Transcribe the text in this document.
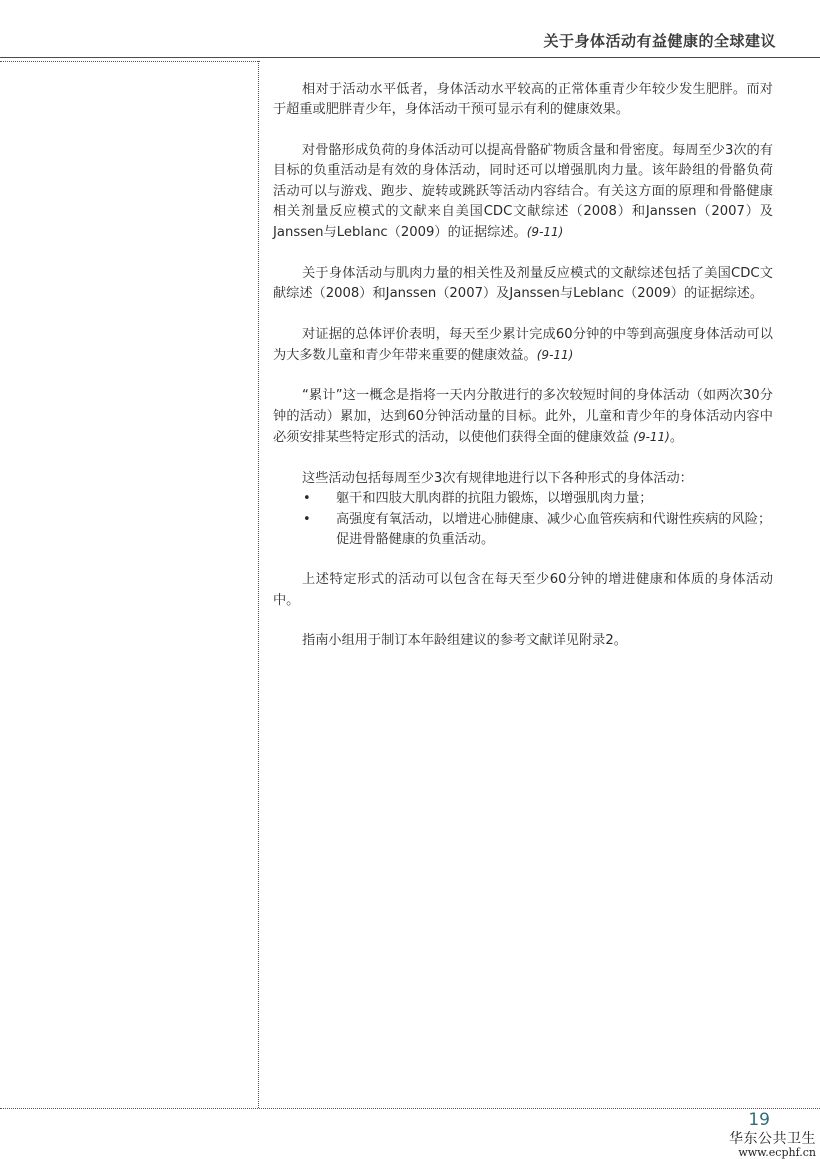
关于身体活动有益健康的全球建议

相对于活动水平低者，身体活动水平较高的正常体重青少年较少发生肥胖。而对于超重或肥胖青少年，身体活动干预可显示有利的健康效果。

对骨骼形成负荷的身体活动可以提高骨骼矿物质含量和骨密度。每周至少3次的有目标的负重活动是有效的身体活动，同时还可以增强肌肉力量。该年龄组的骨骼负荷活动可以与游戏、跑步、旋转或跳跃等活动内容结合。有关这方面的原理和骨骼健康相关剂量反应模式的文献来自美国CDC文献综述（2008）和Janssen（2007）及Janssen与Leblanc（2009）的证据综述。(9-11)

关于身体活动与肌肉力量的相关性及剂量反应模式的文献综述包括了美国CDC文献综述（2008）和Janssen（2007）及Janssen与Leblanc（2009）的证据综述。

对证据的总体评价表明，每天至少累计完成60分钟的中等到高强度身体活动可以为大多数儿童和青少年带来重要的健康效益。(9-11)

“累计”这一概念是指将一天内分散进行的多次较短时间的身体活动（如两次30分钟的活动）累加，达到60分钟活动量的目标。此外，儿童和青少年的身体活动内容中必须安排某些特定形式的活动，以使他们获得全面的健康效益 (9-11)。

这些活动包括每周至少3次有规律地进行以下各种形式的身体活动：

• 躯干和四肢大肌肉群的抗阻力锻炼，以增强肌肉力量；
• 高强度有氧活动，以增进心肺健康、减少心血管疾病和代谢性疾病的风险；促进骨骼健康的负重活动。

上述特定形式的活动可以包含在每天至少60分钟的增进健康和体质的身体活动中。

指南小组用于制订本年龄组建议的参考文献详见附录2。

19
华东公共卫生
www.ecphf.cn
